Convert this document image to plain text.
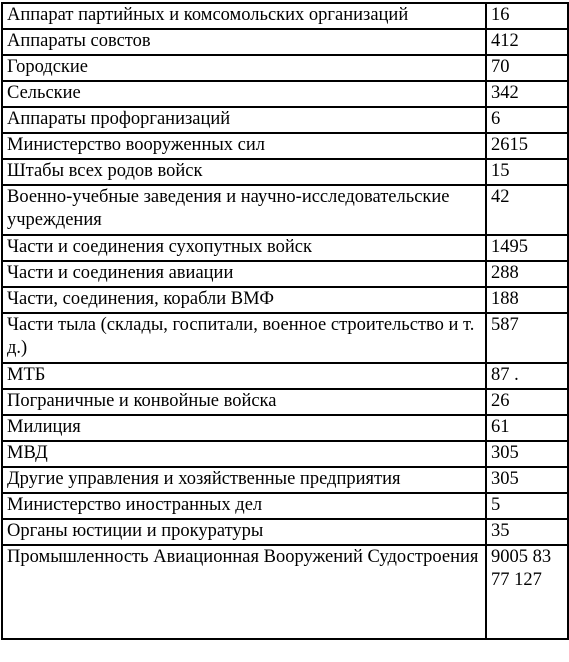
Аппарат партийных и комсомольских организаций	16
Аппараты совстов	412
Городские	70
Сельские	342
Аппараты профорганизаций	6
Министерство вооруженных сил	2615
Штабы всех родов войск	15
Военно-учебные заведения и научно-исследовательские учреждения	42
Части и соединения сухопутных войск	1495
Части и соединения авиации	288
Части, соединения, корабли ВМФ	188
Части тыла (склады, госпитали, военное строительство и т. д.)	587
МТБ	87 .
Пограничные и конвойные войска	26
Милиция	61
МВД	305
Другие управления и хозяйственные предприятия	305
Министерство иностранных дел	5
Органы юстиции и прокуратуры	35
Промышленность Авиационная Вооружений Судостроения	9005 83 77 127
